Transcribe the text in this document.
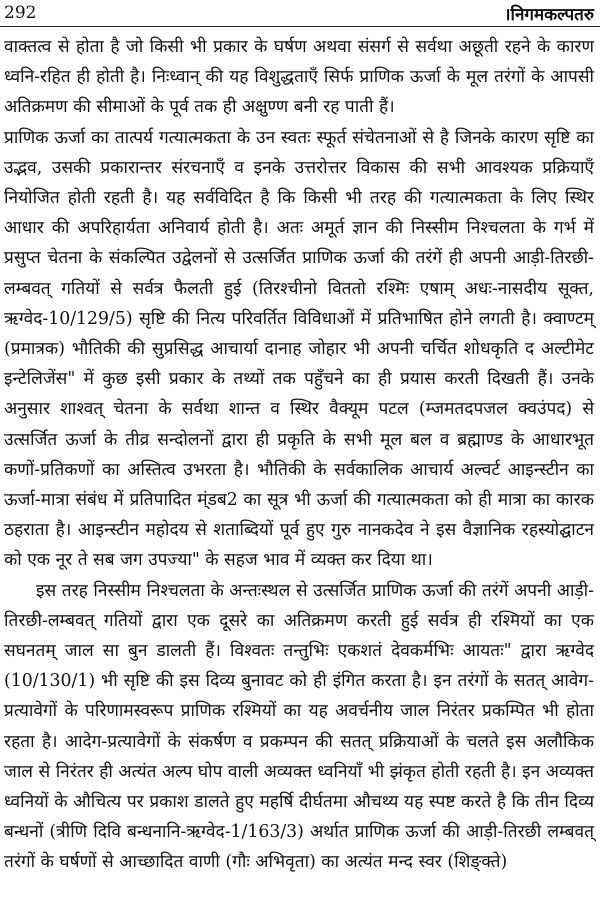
292	।निगमकल्पतरु

वाक्तत्व से होता है जो किसी भी प्रकार के घर्षण अथवा संसर्ग से सर्वथा अछूती रहने के कारण ध्वनि-रहित ही होती है। निःध्वान् की यह विशुद्धताएँ सिर्फ प्राणिक ऊर्जा के मूल तरंगों के आपसी अतिक्रमण की सीमाओं के पूर्व तक ही अक्षुण्ण बनी रह पाती हैं।

प्राणिक ऊर्जा का तात्पर्य गत्यात्मकता के उन स्वतः स्फूर्त संचेतनाओं से है जिनके कारण सृष्टि का उद्भव, उसकी प्रकारान्तर संरचनाएँ व इनके उत्तरोत्तर विकास की सभी आवश्यक प्रक्रियाएँ नियोजित होती रहती है। यह सर्वविदित है कि किसी भी तरह की गत्यात्मकता के लिए स्थिर आधार की अपरिहार्यता अनिवार्य होती है। अतः अमूर्त ज्ञान की निस्सीम निश्चलता के गर्भ में प्रसुप्त चेतना के संकल्पित उद्वेलनों से उत्सर्जित प्राणिक ऊर्जा की तरंगें ही अपनी आड़ी-तिरछी-लम्बवत् गतियों से सर्वत्र फैलती हुई (तिरश्चीनो विततो रश्मिः एषाम् अधः-नासदीय सूक्त, ऋग्वेद-10/129/5) सृष्टि की नित्य परिवर्तित विविधाओं में प्रतिभाषित होने लगती है। क्वाण्टम् (प्रमात्रक) भौतिकी की सुप्रसिद्ध आचार्या दानाह जोहार भी अपनी चर्चित शोधकृति द अल्टीमेट इन्टेलिजेंस" में कुछ इसी प्रकार के तथ्यों तक पहुँचने का ही प्रयास करती दिखती हैं। उनके अनुसार शाश्वत् चेतना के सर्वथा शान्त व स्थिर वैक्यूम पटल (म्जमतदपजल क्वउंपद) से उत्सर्जित ऊर्जा के तीव्र सन्दोलनों द्वारा ही प्रकृति के सभी मूल बल व ब्रह्माण्ड के आधारभूत कणों-प्रतिकणों का अस्तित्व उभरता है। भौतिकी के सर्वकालिक आचार्य अल्वर्ट आइन्स्टीन का ऊर्जा-मात्रा संबंध में प्रतिपादित म्ंडब2 का सूत्र भी ऊर्जा की गत्यात्मकता को ही मात्रा का कारक ठहराता है। आइन्स्टीन महोदय से शताब्दियों पूर्व हुए गुरु नानकदेव ने इस वैज्ञानिक रहस्योद्घाटन को एक नूर ते सब जग उपज्या" के सहज भाव में व्यक्त कर दिया था।

इस तरह निस्सीम निश्चलता के अन्तःस्थल से उत्सर्जित प्राणिक ऊर्जा की तरंगें अपनी आड़ी-तिरछी-लम्बवत् गतियों द्वारा एक दूसरे का अतिक्रमण करती हुई सर्वत्र ही रश्मियों का एक सघनतम् जाल सा बुन डालती हैं। विश्वतः तन्तुभिः एकशतं देवकर्मभिः आयतः" द्वारा ऋग्वेद (10/130/1) भी सृष्टि की इस दिव्य बुनावट को ही इंगित करता है। इन तरंगों के सतत् आवेग-प्रत्यावेगों के परिणामस्वरूप प्राणिक रश्मियों का यह अवर्चनीय जाल निरंतर प्रकम्पित भी होता रहता है। आदेग-प्रत्यावेगों के संकर्षण व प्रकम्पन की सतत् प्रक्रियाओं के चलते इस अलौकिक जाल से निरंतर ही अत्यंत अल्प घोप वाली अव्यक्त ध्वनियाँ भी झंकृत होती रहती है। इन अव्यक्त ध्वनियों के औचित्य पर प्रकाश डालते हुए महर्षि दीर्घतमा औचथ्य यह स्पष्ट करते है कि तीन दिव्य बन्धनों (त्रीणि दिवि बन्धनानि-ऋग्वेद-1/163/3) अर्थात प्राणिक ऊर्जा की आड़ी-तिरछी लम्बवत् तरंगों के घर्षणों से आच्छादित वाणी (गौः अभिवृता) का अत्यंत मन्द स्वर (शिङ्क्ते)
